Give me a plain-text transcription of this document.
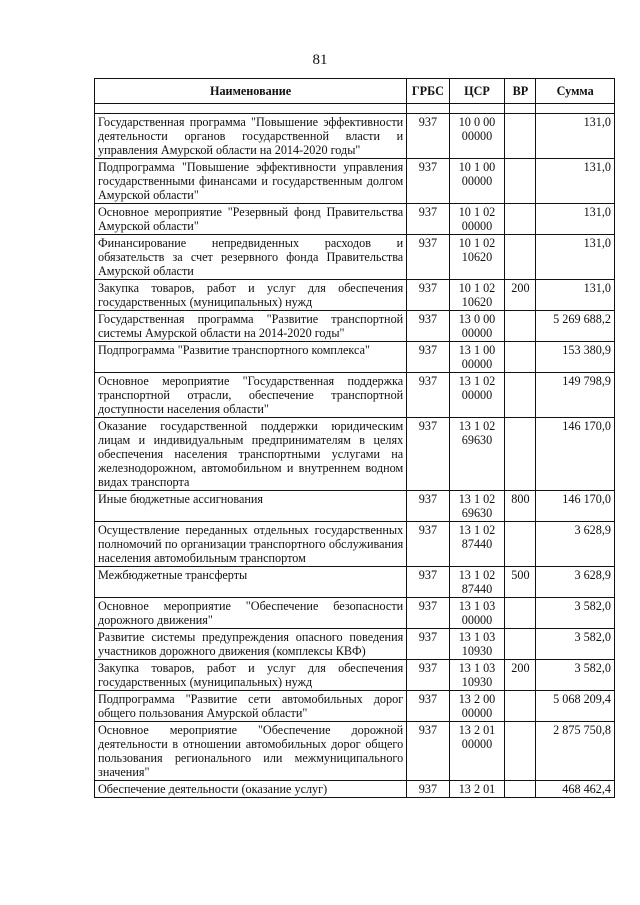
81
Наименование	ГРБС	ЦСР	ВР	Сумма

Государственная программа "Повышение эффективности деятельности органов государственной власти и управления Амурской области на 2014-2020 годы"	937	10 0 00 00000		131,0
Подпрограмма "Повышение эффективности управления государственными финансами и государственным долгом Амурской области"	937	10 1 00 00000		131,0
Основное мероприятие "Резервный фонд Правительства Амурской области"	937	10 1 02 00000		131,0
Финансирование непредвиденных расходов и обязательств за счет резервного фонда Правительства Амурской области	937	10 1 02 10620		131,0
Закупка товаров, работ и услуг для обеспечения государственных (муниципальных) нужд	937	10 1 02 10620	200	131,0
Государственная программа "Развитие транспортной системы Амурской области на 2014-2020 годы"	937	13 0 00 00000		5 269 688,2
Подпрограмма "Развитие транспортного комплекса"	937	13 1 00 00000		153 380,9
Основное мероприятие "Государственная поддержка транспортной отрасли, обеспечение транспортной доступности населения области"	937	13 1 02 00000		149 798,9
Оказание государственной поддержки юридическим лицам и индивидуальным предпринимателям в целях обеспечения населения транспортными услугами на железнодорожном, автомобильном и внутреннем водном видах транспорта	937	13 1 02 69630		146 170,0
Иные бюджетные ассигнования	937	13 1 02 69630	800	146 170,0
Осуществление переданных отдельных государственных полномочий по организации транспортного обслуживания населения автомобильным транспортом	937	13 1 02 87440		3 628,9
Межбюджетные трансферты	937	13 1 02 87440	500	3 628,9
Основное мероприятие "Обеспечение безопасности дорожного движения"	937	13 1 03 00000		3 582,0
Развитие системы предупреждения опасного поведения участников дорожного движения (комплексы КВФ)	937	13 1 03 10930		3 582,0
Закупка товаров, работ и услуг для обеспечения государственных (муниципальных) нужд	937	13 1 03 10930	200	3 582,0
Подпрограмма "Развитие сети автомобильных дорог общего пользования Амурской области"	937	13 2 00 00000		5 068 209,4
Основное мероприятие "Обеспечение дорожной деятельности в отношении автомобильных дорог общего пользования регионального или межмуниципального значения"	937	13 2 01 00000		2 875 750,8
Обеспечение деятельности (оказание услуг)	937	13 2 01		468 462,4
